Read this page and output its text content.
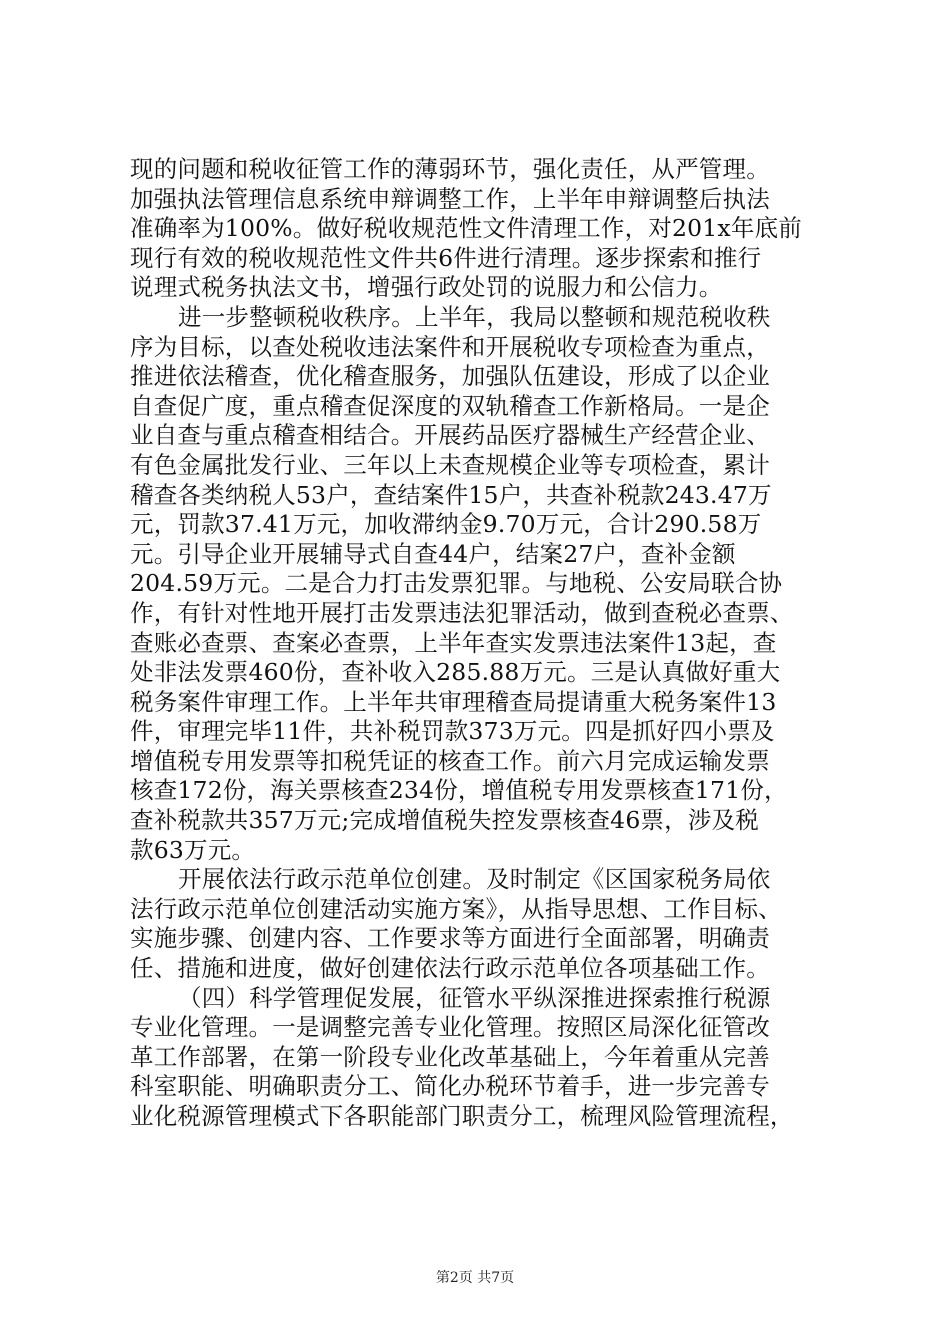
现的问题和税收征管工作的薄弱环节，强化责任，从严管理。
加强执法管理信息系统申辩调整工作，上半年申辩调整后执法
准确率为100%。做好税收规范性文件清理工作，对201x年底前
现行有效的税收规范性文件共6件进行清理。逐步探索和推行
说理式税务执法文书，增强行政处罚的说服力和公信力。
进一步整顿税收秩序。上半年，我局以整顿和规范税收秩
序为目标，以查处税收违法案件和开展税收专项检查为重点，
推进依法稽查，优化稽查服务，加强队伍建设，形成了以企业
自查促广度，重点稽查促深度的双轨稽查工作新格局。一是企
业自查与重点稽查相结合。开展药品医疗器械生产经营企业、
有色金属批发行业、三年以上未查规模企业等专项检查，累计
稽查各类纳税人53户，查结案件15户，共查补税款243.47万
元，罚款37.41万元，加收滞纳金9.70万元，合计290.58万
元。引导企业开展辅导式自查44户，结案27户，查补金额
204.59万元。二是合力打击发票犯罪。与地税、公安局联合协
作，有针对性地开展打击发票违法犯罪活动，做到查税必查票、
查账必查票、查案必查票，上半年查实发票违法案件13起，查
处非法发票460份，查补收入285.88万元。三是认真做好重大
税务案件审理工作。上半年共审理稽查局提请重大税务案件13
件，审理完毕11件，共补税罚款373万元。四是抓好四小票及
增值税专用发票等扣税凭证的核查工作。前六月完成运输发票
核查172份，海关票核查234份，增值税专用发票核查171份，
查补税款共357万元;完成增值税失控发票核查46票，涉及税
款63万元。
开展依法行政示范单位创建。及时制定《区国家税务局依
法行政示范单位创建活动实施方案》，从指导思想、工作目标、
实施步骤、创建内容、工作要求等方面进行全面部署，明确责
任、措施和进度，做好创建依法行政示范单位各项基础工作。
（四）科学管理促发展，征管水平纵深推进探索推行税源
专业化管理。一是调整完善专业化管理。按照区局深化征管改
革工作部署，在第一阶段专业化改革基础上，今年着重从完善
科室职能、明确职责分工、简化办税环节着手，进一步完善专
业化税源管理模式下各职能部门职责分工，梳理风险管理流程，
第2页 共7页
